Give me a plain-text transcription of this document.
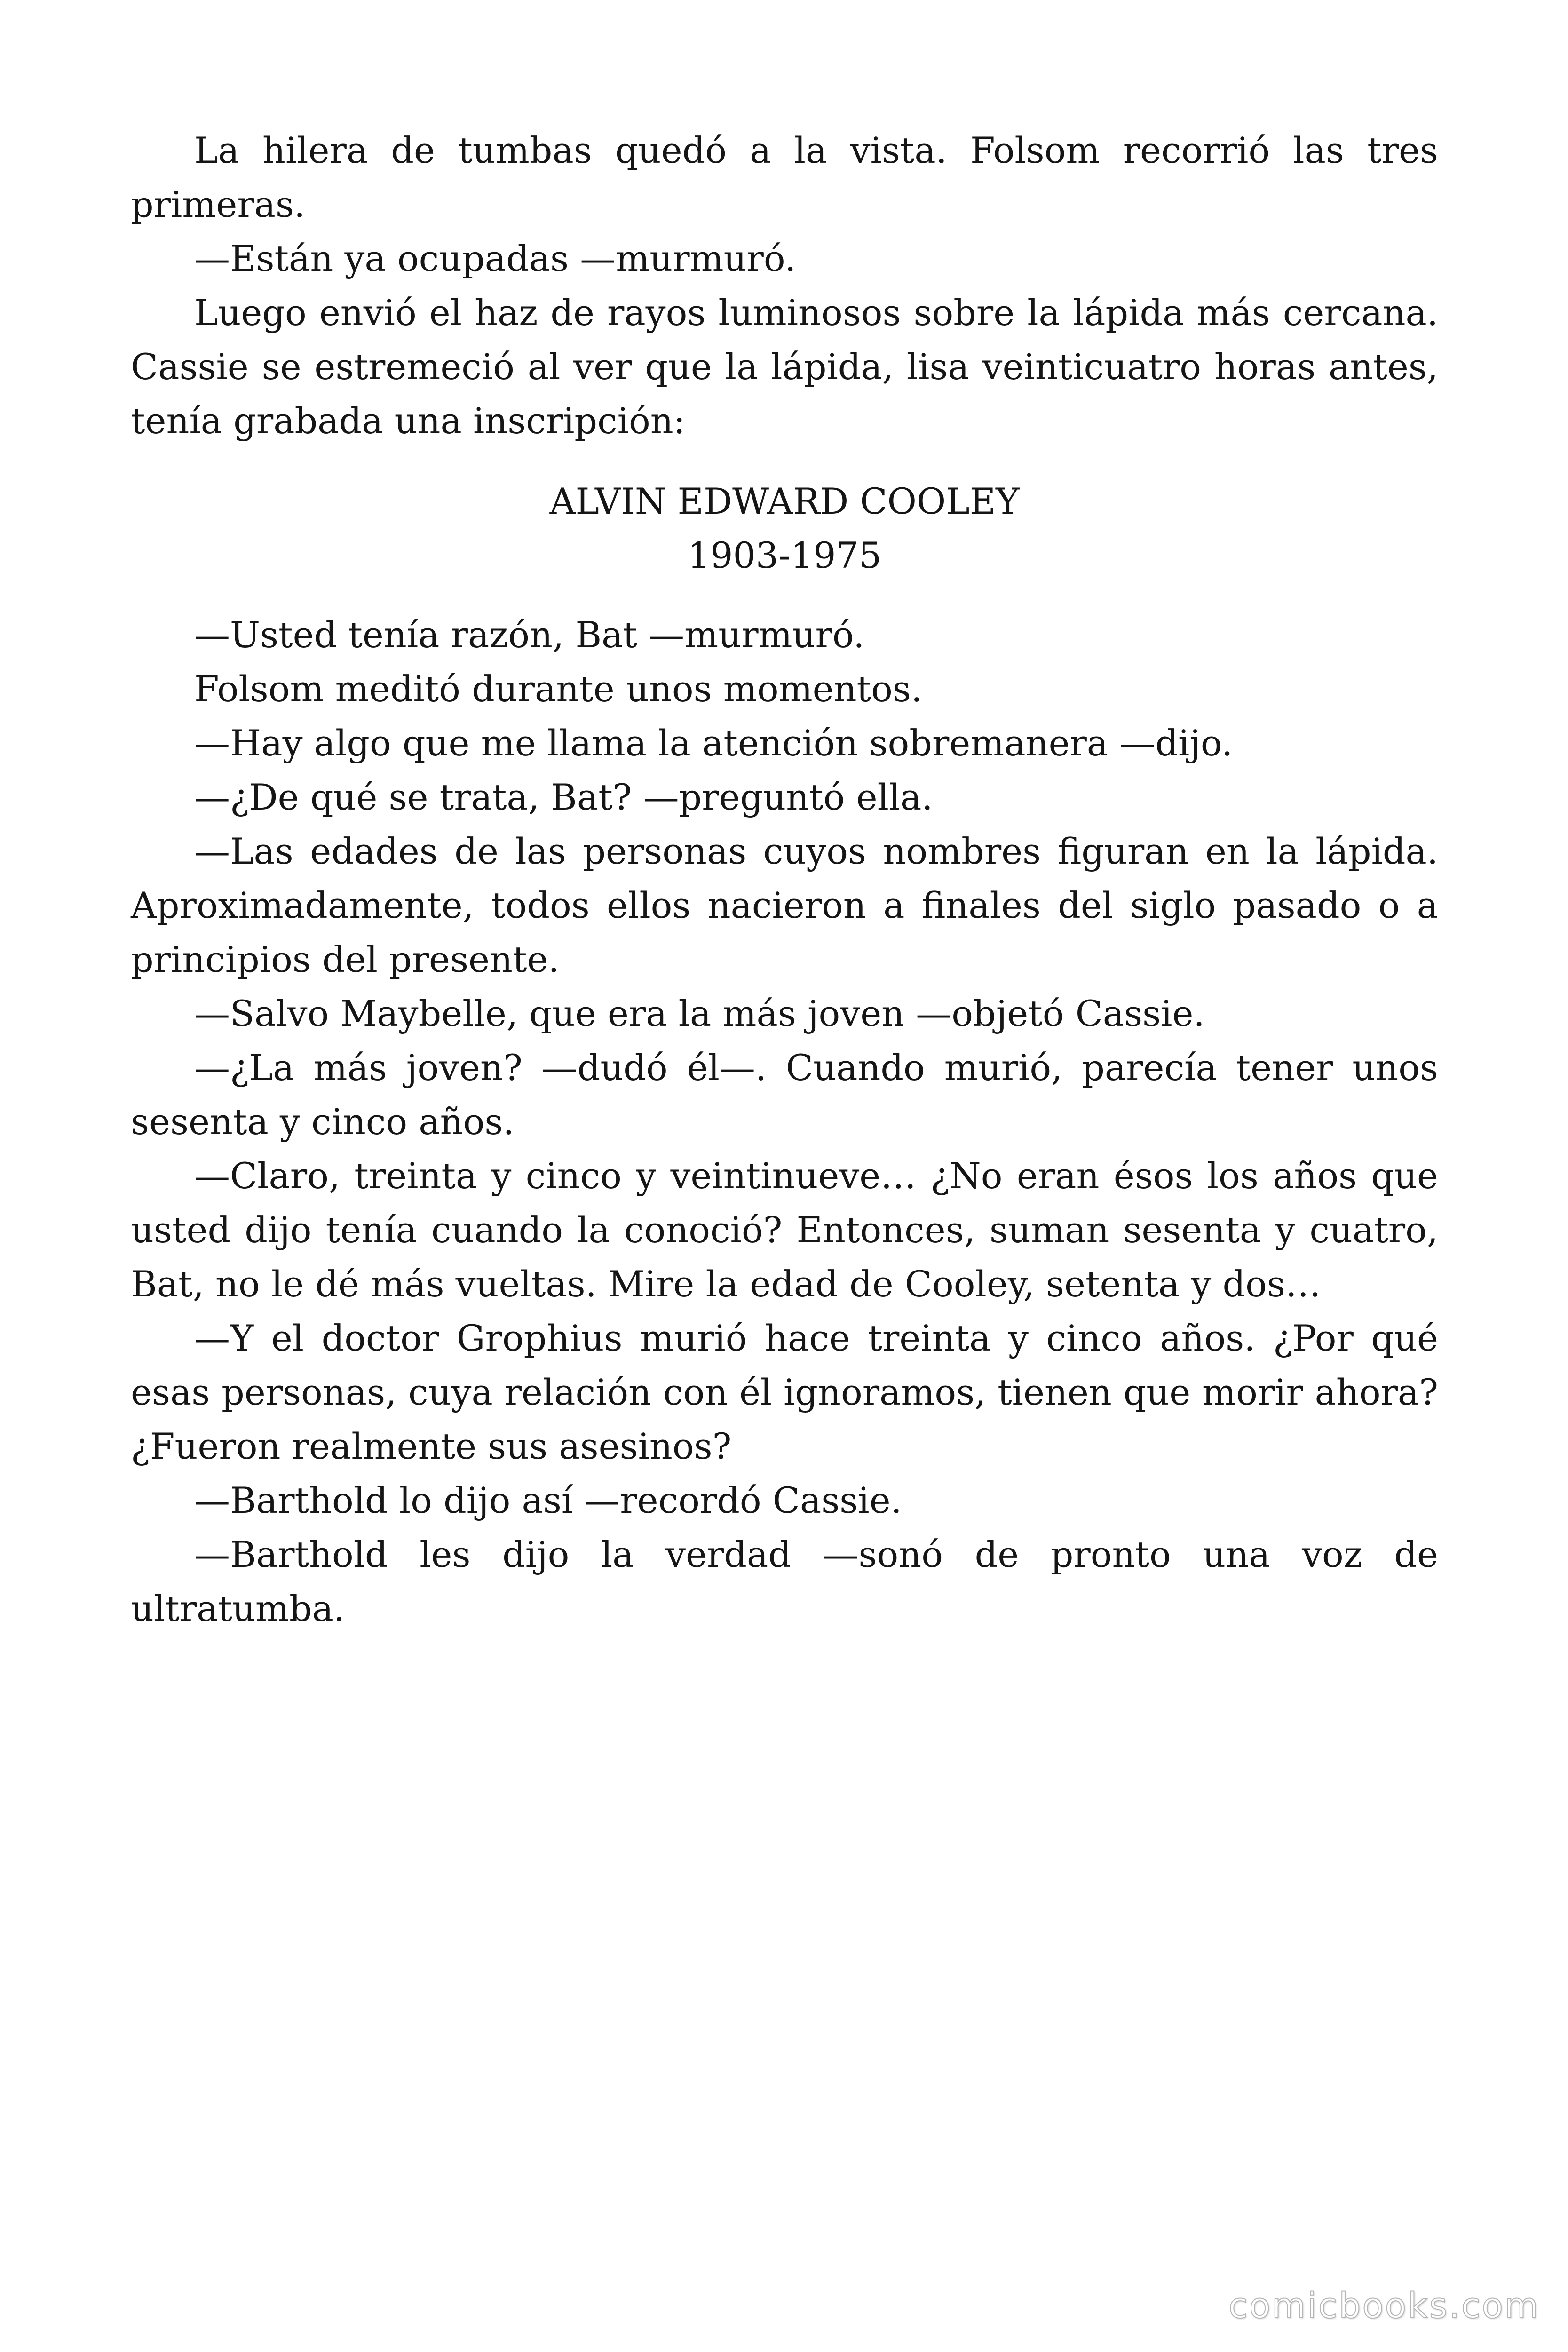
La hilera de tumbas quedó a la vista. Folsom recorrió las tres primeras.

—Están ya ocupadas —murmuró.

Luego envió el haz de rayos luminosos sobre la lápida más cercana. Cassie se estremeció al ver que la lápida, lisa veinticuatro horas antes, tenía grabada una inscripción:

ALVIN EDWARD COOLEY
1903-1975

—Usted tenía razón, Bat —murmuró.

Folsom meditó durante unos momentos.

—Hay algo que me llama la atención sobremanera —dijo.

—¿De qué se trata, Bat? —preguntó ella.

—Las edades de las personas cuyos nombres figuran en la lápida. Aproximadamente, todos ellos nacieron a finales del siglo pasado o a principios del presente.

—Salvo Maybelle, que era la más joven —objetó Cassie.

—¿La más joven? —dudó él—. Cuando murió, parecía tener unos sesenta y cinco años.

—Claro, treinta y cinco y veintinueve… ¿No eran ésos los años que usted dijo tenía cuando la conoció? Entonces, suman sesenta y cuatro, Bat, no le dé más vueltas. Mire la edad de Cooley, setenta y dos…

—Y el doctor Grophius murió hace treinta y cinco años. ¿Por qué esas personas, cuya relación con él ignoramos, tienen que morir ahora? ¿Fueron realmente sus asesinos?

—Barthold lo dijo así —recordó Cassie.

—Barthold les dijo la verdad —sonó de pronto una voz de ultratumba.

comicbooks.com
